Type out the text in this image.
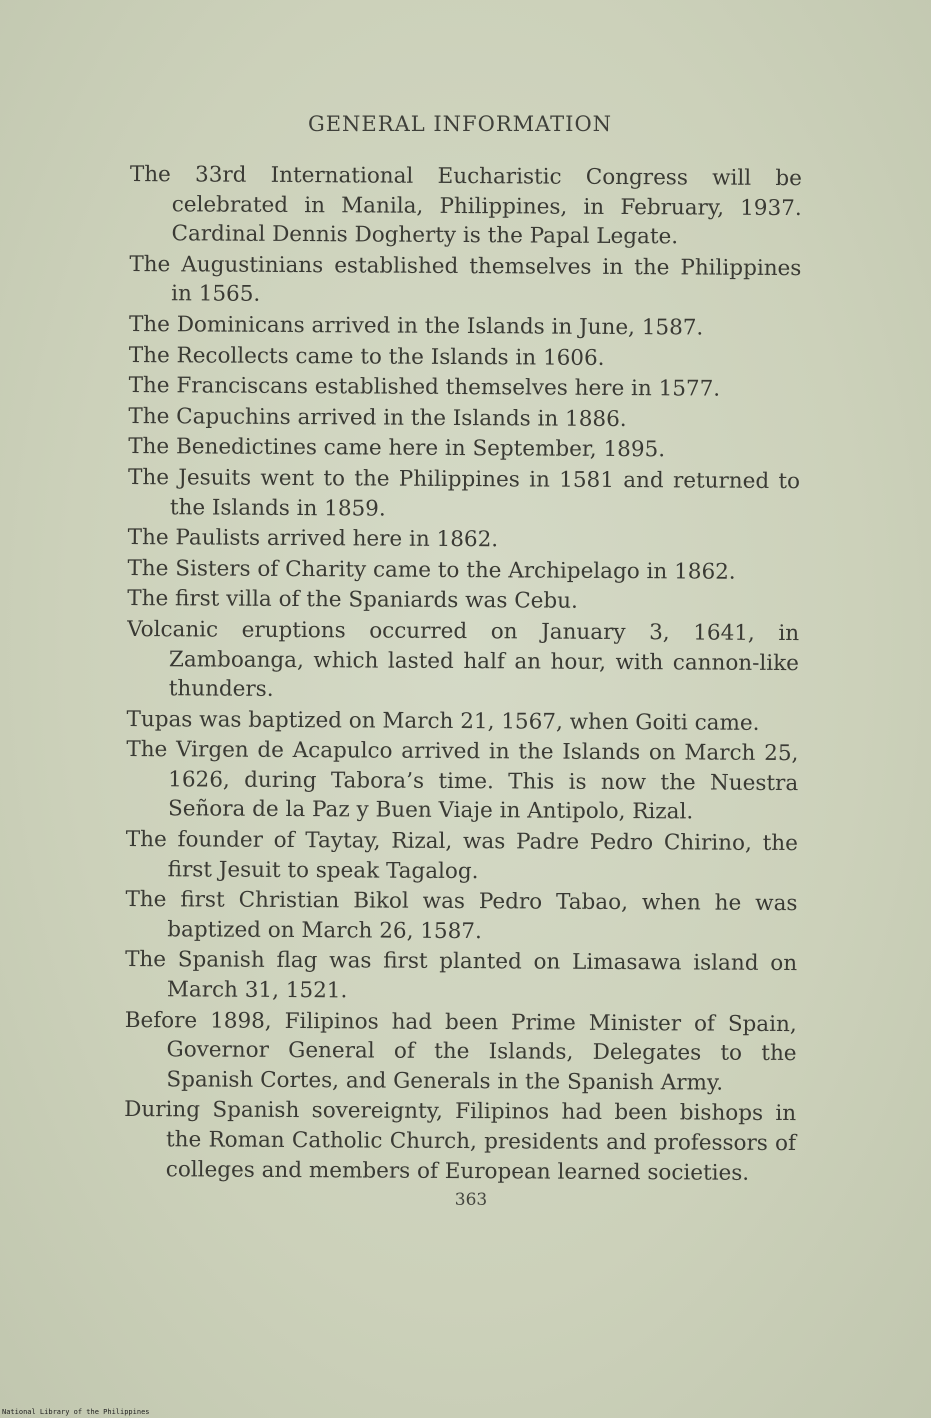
GENERAL INFORMATION

The 33rd International Eucharistic Congress will be celebrated in Manila, Philippines, in February, 1937. Cardinal Dennis Dogherty is the Papal Legate.

The Augustinians established themselves in the Philippines in 1565.

The Dominicans arrived in the Islands in June, 1587.

The Recollects came to the Islands in 1606.

The Franciscans established themselves here in 1577.

The Capuchins arrived in the Islands in 1886.

The Benedictines came here in September, 1895.

The Jesuits went to the Philippines in 1581 and returned to the Islands in 1859.

The Paulists arrived here in 1862.

The Sisters of Charity came to the Archipelago in 1862.

The first villa of the Spaniards was Cebu.

Volcanic eruptions occurred on January 3, 1641, in Zamboanga, which lasted half an hour, with cannon-like thunders.

Tupas was baptized on March 21, 1567, when Goiti came.

The Virgen de Acapulco arrived in the Islands on March 25, 1626, during Tabora’s time. This is now the Nuestra Señora de la Paz y Buen Viaje in Antipolo, Rizal.

The founder of Taytay, Rizal, was Padre Pedro Chirino, the first Jesuit to speak Tagalog.

The first Christian Bikol was Pedro Tabao, when he was baptized on March 26, 1587.

The Spanish flag was first planted on Limasawa island on March 31, 1521.

Before 1898, Filipinos had been Prime Minister of Spain, Governor General of the Islands, Delegates to the Spanish Cortes, and Generals in the Spanish Army.

During Spanish sovereignty, Filipinos had been bishops in the Roman Catholic Church, presidents and professors of colleges and members of European learned societies.

363
National Library of the Philippines
